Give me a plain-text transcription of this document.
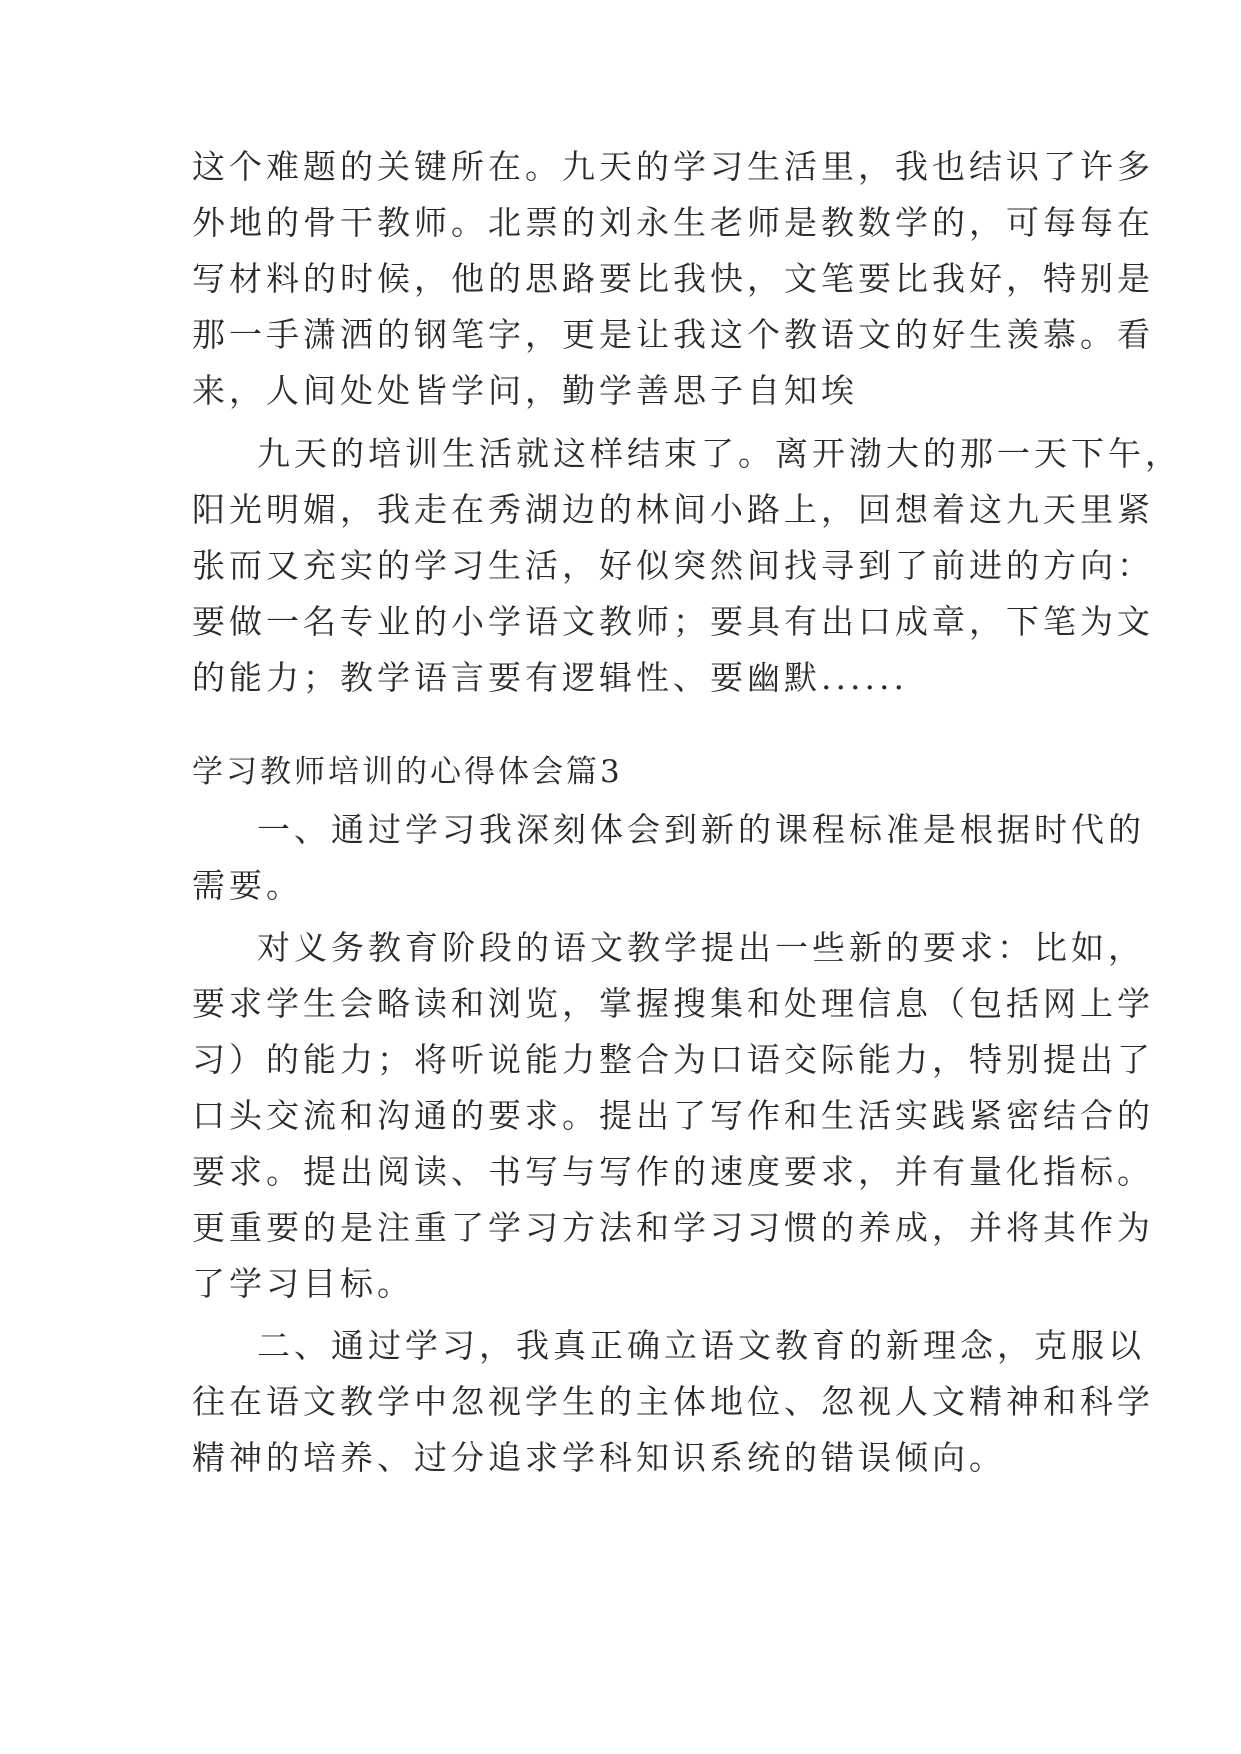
这个难题的关键所在。九天的学习生活里，我也结识了许多
外地的骨干教师。北票的刘永生老师是教数学的，可每每在
写材料的时候，他的思路要比我快，文笔要比我好，特别是
那一手潇洒的钢笔字，更是让我这个教语文的好生羡慕。看
来，人间处处皆学问，勤学善思子自知埃
九天的培训生活就这样结束了。离开渤大的那一天下午，
阳光明媚，我走在秀湖边的林间小路上，回想着这九天里紧
张而又充实的学习生活，好似突然间找寻到了前进的方向：
要做一名专业的小学语文教师；要具有出口成章，下笔为文
的能力；教学语言要有逻辑性、要幽默......
学习教师培训的心得体会篇3
一、通过学习我深刻体会到新的课程标准是根据时代的
需要。
对义务教育阶段的语文教学提出一些新的要求：比如，
要求学生会略读和浏览，掌握搜集和处理信息（包括网上学
习）的能力；将听说能力整合为口语交际能力，特别提出了
口头交流和沟通的要求。提出了写作和生活实践紧密结合的
要求。提出阅读、书写与写作的速度要求，并有量化指标。
更重要的是注重了学习方法和学习习惯的养成，并将其作为
了学习目标。
二、通过学习，我真正确立语文教育的新理念，克服以
往在语文教学中忽视学生的主体地位、忽视人文精神和科学
精神的培养、过分追求学科知识系统的错误倾向。
